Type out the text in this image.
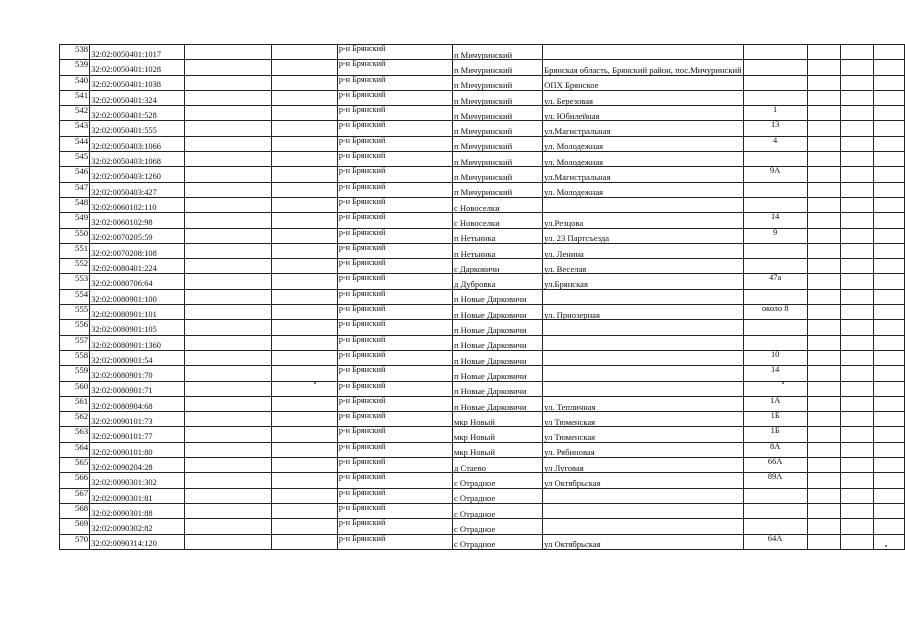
538	32:02:0050401:1017			р-н Брянский	п Мичуринский					
539	32:02:0050401:1028			р-н Брянский	п Мичуринский	Брянская область, Брянский район, пос.Мичуринский				
540	32:02:0050401:1038			р-н Брянский	п Мичуринский	ОПХ Брянское				
541	32:02:0050401:324			р-н Брянский	п Мичуринский	ул. Березовая				
542	32:02:0050401:528			р-н Брянский	п Мичуринский	ул. Юбилейная	1			
543	32:02:0050401:555			р-н Брянский	п Мичуринский	ул.Магистральная	13			
544	32:02:0050403:1066			р-н Брянский	п Мичуринский	ул. Молодежная	4			
545	32:02:0050403:1068			р-н Брянский	п Мичуринский	ул. Молодежная				
546	32:02:0050403:1260			р-н Брянский	п Мичуринский	ул.Магистральная	9А			
547	32:02:0050403:427			р-н Брянский	п Мичуринский	ул. Молодежная				
548	32:02:0060102:110			р-н Брянский	с Новоселки					
549	32:02:0060102:98			р-н Брянский	с Новоселки	ул.Резцова	14			
550	32:02:0070205:59			р-н Брянский	п Нетьинка	ул. 23 Партсъезда	9			
551	32:02:0070208:108			р-н Брянский	п Нетьинка	ул. Ленина				
552	32:02:0080401:224			р-н Брянский	с Дарковичи	ул. Веселая				
553	32:02:0080706:64			р-н Брянский	д Дубровка	ул.Брянская	47а			
554	32:02:0080901:100			р-н Брянский	п Новые Дарковичи					
555	32:02:0080901:101			р-н Брянский	п Новые Дарковичи	ул. Приозерная	около 8			
556	32:02:0080901:105			р-н Брянский	п Новые Дарковичи					
557	32:02:0080901:1360			р-н Брянский	п Новые Дарковичи					
558	32:02:0080901:54			р-н Брянский	п Новые Дарковичи		10			
559	32:02:0080901:70			р-н Брянский	п Новые Дарковичи		14			
560	32:02:0080901:71			р-н Брянский	п Новые Дарковичи					
561	32:02:0080904:68			р-н Брянский	п Новые Дарковичи	ул. Тепличная	1А			
562	32:02:0090101:73			р-н Брянский	мкр Новый	ул Тюменская	1Б			
563	32:02:0090101:77			р-н Брянский	мкр Новый	ул Тюменская	1Б			
564	32:02:0090101:80			р-н Брянский	мкр Новый	ул. Рябиновая	8А			
565	32:02:0090204:28			р-н Брянский	д Стаево	ул Луговая	66А			
566	32:02:0090301:302			р-н Брянский	с Отрадное	ул Октябрьская	89А			
567	32:02:0090301:81			р-н Брянский	с Отрадное					
568	32:02:0090301:88			р-н Брянский	с Отрадное					
569	32:02:0090302:82			р-н Брянский	с Отрадное					
570	32:02:0090314:120			р-н Брянский	с Отрадное	ул Октябрьская	64А			
